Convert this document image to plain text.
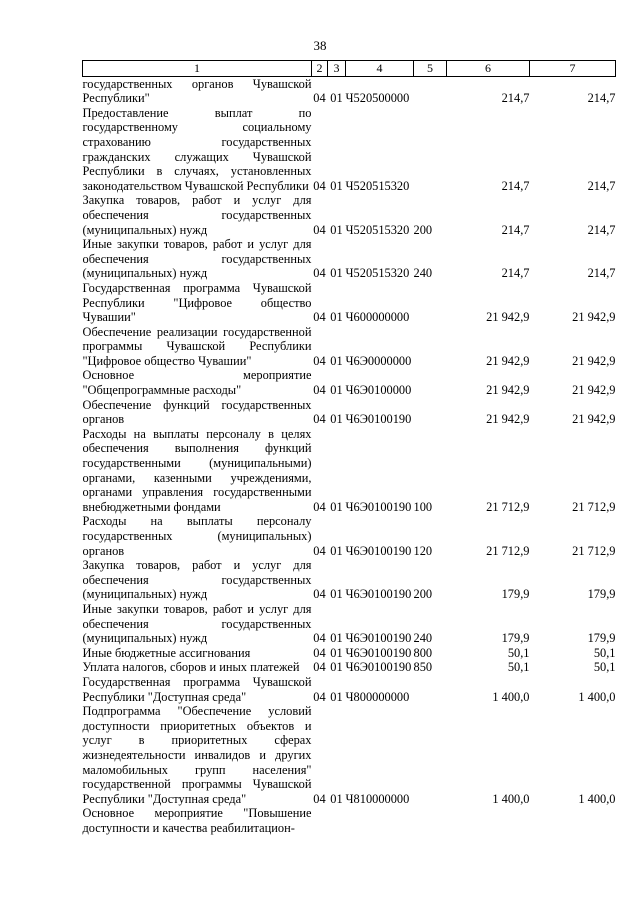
38
1	2	3	4	5	6	7
государственных органов Чувашской Республики"	04	01	Ч520500000		214,7	214,7
Предоставление выплат по государственному социальному страхованию государственных гражданских служащих Чувашской Республики в случаях, установленных законодательством Чувашской Республики	04	01	Ч520515320		214,7	214,7
Закупка товаров, работ и услуг для обеспечения государственных (муниципальных) нужд	04	01	Ч520515320	200	214,7	214,7
Иные закупки товаров, работ и услуг для обеспечения государственных (муниципальных) нужд	04	01	Ч520515320	240	214,7	214,7
Государственная программа Чувашской Республики "Цифровое общество Чувашии"	04	01	Ч600000000		21 942,9	21 942,9
Обеспечение реализации государственной программы Чувашской Республики "Цифровое общество Чувашии"	04	01	Ч6Э0000000		21 942,9	21 942,9
Основное мероприятие "Общепрограммные расходы"	04	01	Ч6Э0100000		21 942,9	21 942,9
Обеспечение функций государственных органов	04	01	Ч6Э0100190		21 942,9	21 942,9
Расходы на выплаты персоналу в целях обеспечения выполнения функций государственными (муниципальными) органами, казенными учреждениями, органами управления государственными внебюджетными фондами	04	01	Ч6Э0100190	100	21 712,9	21 712,9
Расходы на выплаты персоналу государственных (муниципальных) органов	04	01	Ч6Э0100190	120	21 712,9	21 712,9
Закупка товаров, работ и услуг для обеспечения государственных (муниципальных) нужд	04	01	Ч6Э0100190	200	179,9	179,9
Иные закупки товаров, работ и услуг для обеспечения государственных (муниципальных) нужд	04	01	Ч6Э0100190	240	179,9	179,9
Иные бюджетные ассигнования	04	01	Ч6Э0100190	800	50,1	50,1
Уплата налогов, сборов и иных платежей	04	01	Ч6Э0100190	850	50,1	50,1
Государственная программа Чувашской Республики "Доступная среда"	04	01	Ч800000000		1 400,0	1 400,0
Подпрограмма "Обеспечение условий доступности приоритетных объектов и услуг в приоритетных сферах жизнедеятельности инвалидов и других маломобильных групп населения" государственной программы Чувашской Республики "Доступная среда"	04	01	Ч810000000		1 400,0	1 400,0
Основное мероприятие "Повышение доступности и качества реабилитацион-						
